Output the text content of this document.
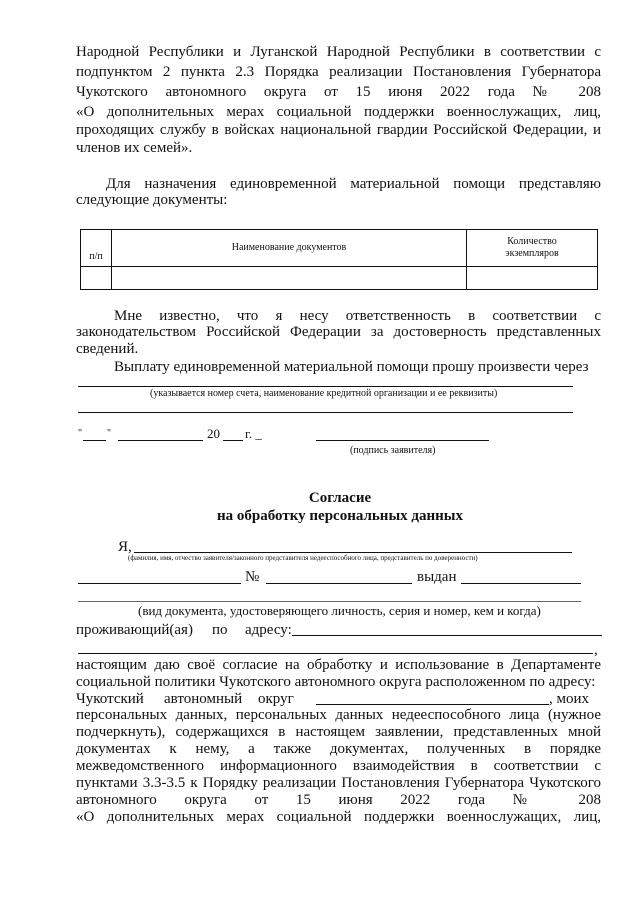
Народной Республики и Луганской Народной Республики в соответствии с
подпунктом 2 пункта 2.3 Порядка реализации Постановления Губернатора
Чукотского автономного округа от 15 июня 2022 года № 208
«О дополнительных мерах социальной поддержки военнослужащих, лиц,
проходящих службу в войсках национальной гвардии Российской Федерации, и
членов их семей».
Для назначения единовременной материальной помощи представляю
следующие документы:
п/п	Наименование документов	Количество
экземпляров

Мне известно, что я несу ответственность в соответствии с
законодательством Российской Федерации за достоверность представленных
сведений.
Выплату единовременной материальной помощи прошу произвести через
(указывается номер счета, наименование кредитной организации и ее реквизиты)
" "	20 г. _
(подпись заявителя)
Согласие
на обработку персональных данных
Я,
(фамилия, имя, отчество заявителя/законного представителя недееспособного лица, представитель по доверенности)
№	выдан
(вид документа, удостоверяющего личность, серия и номер, кем и когда)
проживающий(ая) по адресу:
,
настоящим даю своё согласие на обработку и использование в Департаменте
социальной политики Чукотского автономного округа расположенном по адресу:
Чукотский автономный округ	, моих
персональных данных, персональных данных недееспособного лица (нужное
подчеркнуть), содержащихся в настоящем заявлении, представленных мной
документах к нему, а также документах, полученных в порядке
межведомственного информационного взаимодействия в соответствии с
пунктами 3.3-3.5 к Порядку реализации Постановления Губернатора Чукотского
автономного округа от 15 июня 2022 года № 208
«О дополнительных мерах социальной поддержки военнослужащих, лиц,
